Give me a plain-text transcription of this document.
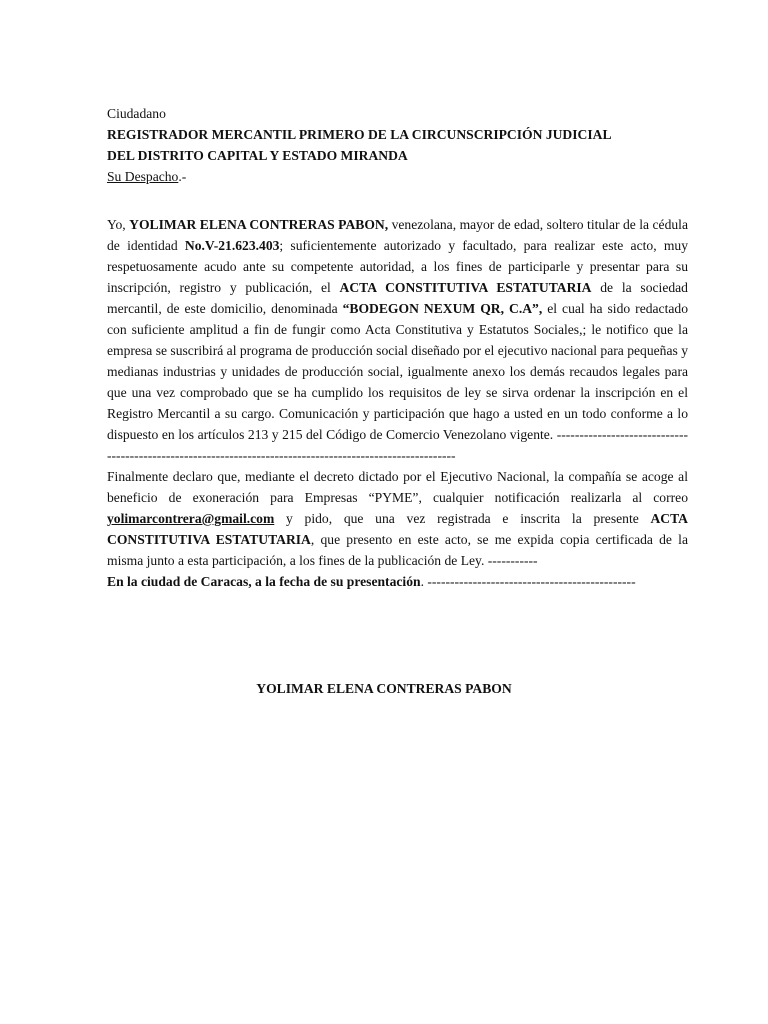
Ciudadano
REGISTRADOR MERCANTIL PRIMERO DE LA CIRCUNSCRIPCIÓN JUDICIAL
DEL DISTRITO CAPITAL Y ESTADO MIRANDA
Su Despacho.-
Yo, YOLIMAR ELENA CONTRERAS PABON, venezolana, mayor de edad, soltero titular de la cédula de identidad No.V-21.623.403; suficientemente autorizado y facultado, para realizar este acto, muy respetuosamente acudo ante su competente autoridad, a los fines de participarle y presentar para su inscripción, registro y publicación, el ACTA CONSTITUTIVA ESTATUTARIA de la sociedad mercantil, de este domicilio, denominada “BODEGON NEXUM QR, C.A”, el cual ha sido redactado con suficiente amplitud a fin de fungir como Acta Constitutiva y Estatutos Sociales,; le notifico que la empresa se suscribirá al programa de producción social diseñado por el ejecutivo nacional para pequeñas y medianas industrias y unidades de producción social, igualmente anexo los demás recaudos legales para que una vez comprobado que se ha cumplido los requisitos de ley se sirva ordenar la inscripción en el Registro Mercantil a su cargo. Comunicación y participación que hago a usted en un todo conforme a lo dispuesto en los artículos 213 y 215 del Código de Comercio Venezolano vigente. ----------------------------------------------------------------------------------------------------------
Finalmente declaro que, mediante el decreto dictado por el Ejecutivo Nacional, la compañía se acoge al beneficio de exoneración para Empresas “PYME”, cualquier notificación realizarla al correo yolimarcontrera@gmail.com y pido, que una vez registrada e inscrita la presente ACTA CONSTITUTIVA ESTATUTARIA, que presento en este acto, se me expida copia certificada de la misma junto a esta participación, a los fines de la publicación de Ley. -----------
En la ciudad de Caracas, a la fecha de su presentación. ----------------------------------------------
YOLIMAR ELENA CONTRERAS PABON
